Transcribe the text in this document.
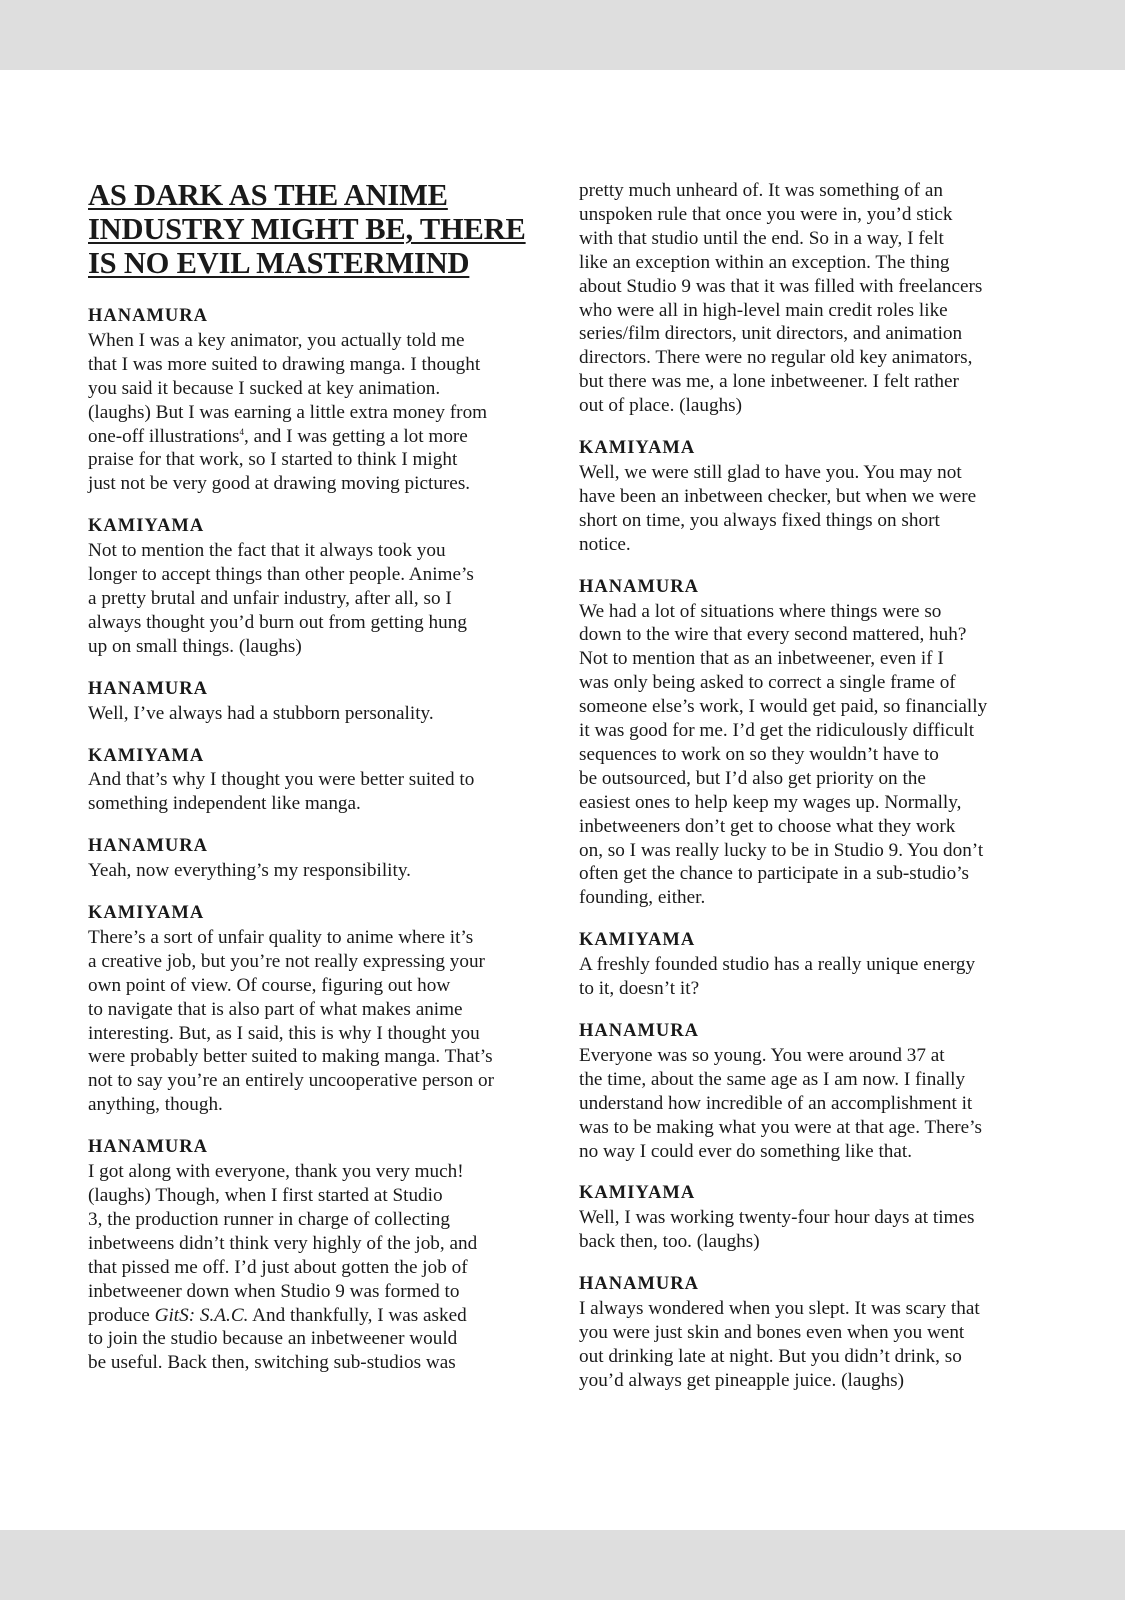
AS DARK AS THE ANIME
INDUSTRY MIGHT BE, THERE
IS NO EVIL MASTERMIND
HANAMURA
When I was a key animator, you actually told me
that I was more suited to drawing manga. I thought
you said it because I sucked at key animation.
(laughs) But I was earning a little extra money from
one-off illustrations$^4$, and I was getting a lot more
praise for that work, so I started to think I might
just not be very good at drawing moving pictures.
KAMIYAMA
Not to mention the fact that it always took you
longer to accept things than other people. Anime’s
a pretty brutal and unfair industry, after all, so I
always thought you’d burn out from getting hung
up on small things. (laughs)
HANAMURA
Well, I’ve always had a stubborn personality.
KAMIYAMA
And that’s why I thought you were better suited to
something independent like manga.
HANAMURA
Yeah, now everything’s my responsibility.
KAMIYAMA
There’s a sort of unfair quality to anime where it’s
a creative job, but you’re not really expressing your
own point of view. Of course, figuring out how
to navigate that is also part of what makes anime
interesting. But, as I said, this is why I thought you
were probably better suited to making manga. That’s
not to say you’re an entirely uncooperative person or
anything, though.
HANAMURA
I got along with everyone, thank you very much!
(laughs) Though, when I first started at Studio
3, the production runner in charge of collecting
inbetweens didn’t think very highly of the job, and
that pissed me off. I’d just about gotten the job of
inbetweener down when Studio 9 was formed to
produce GitS: S.A.C. And thankfully, I was asked
to join the studio because an inbetweener would
be useful. Back then, switching sub-studios was
pretty much unheard of. It was something of an
unspoken rule that once you were in, you’d stick
with that studio until the end. So in a way, I felt
like an exception within an exception. The thing
about Studio 9 was that it was filled with freelancers
who were all in high-level main credit roles like
series/film directors, unit directors, and animation
directors. There were no regular old key animators,
but there was me, a lone inbetweener. I felt rather
out of place. (laughs)
KAMIYAMA
Well, we were still glad to have you. You may not
have been an inbetween checker, but when we were
short on time, you always fixed things on short
notice.
HANAMURA
We had a lot of situations where things were so
down to the wire that every second mattered, huh?
Not to mention that as an inbetweener, even if I
was only being asked to correct a single frame of
someone else’s work, I would get paid, so financially
it was good for me. I’d get the ridiculously difficult
sequences to work on so they wouldn’t have to
be outsourced, but I’d also get priority on the
easiest ones to help keep my wages up. Normally,
inbetweeners don’t get to choose what they work
on, so I was really lucky to be in Studio 9. You don’t
often get the chance to participate in a sub-studio’s
founding, either.
KAMIYAMA
A freshly founded studio has a really unique energy
to it, doesn’t it?
HANAMURA
Everyone was so young. You were around 37 at
the time, about the same age as I am now. I finally
understand how incredible of an accomplishment it
was to be making what you were at that age. There’s
no way I could ever do something like that.
KAMIYAMA
Well, I was working twenty-four hour days at times
back then, too. (laughs)
HANAMURA
I always wondered when you slept. It was scary that
you were just skin and bones even when you went
out drinking late at night. But you didn’t drink, so
you’d always get pineapple juice. (laughs)
